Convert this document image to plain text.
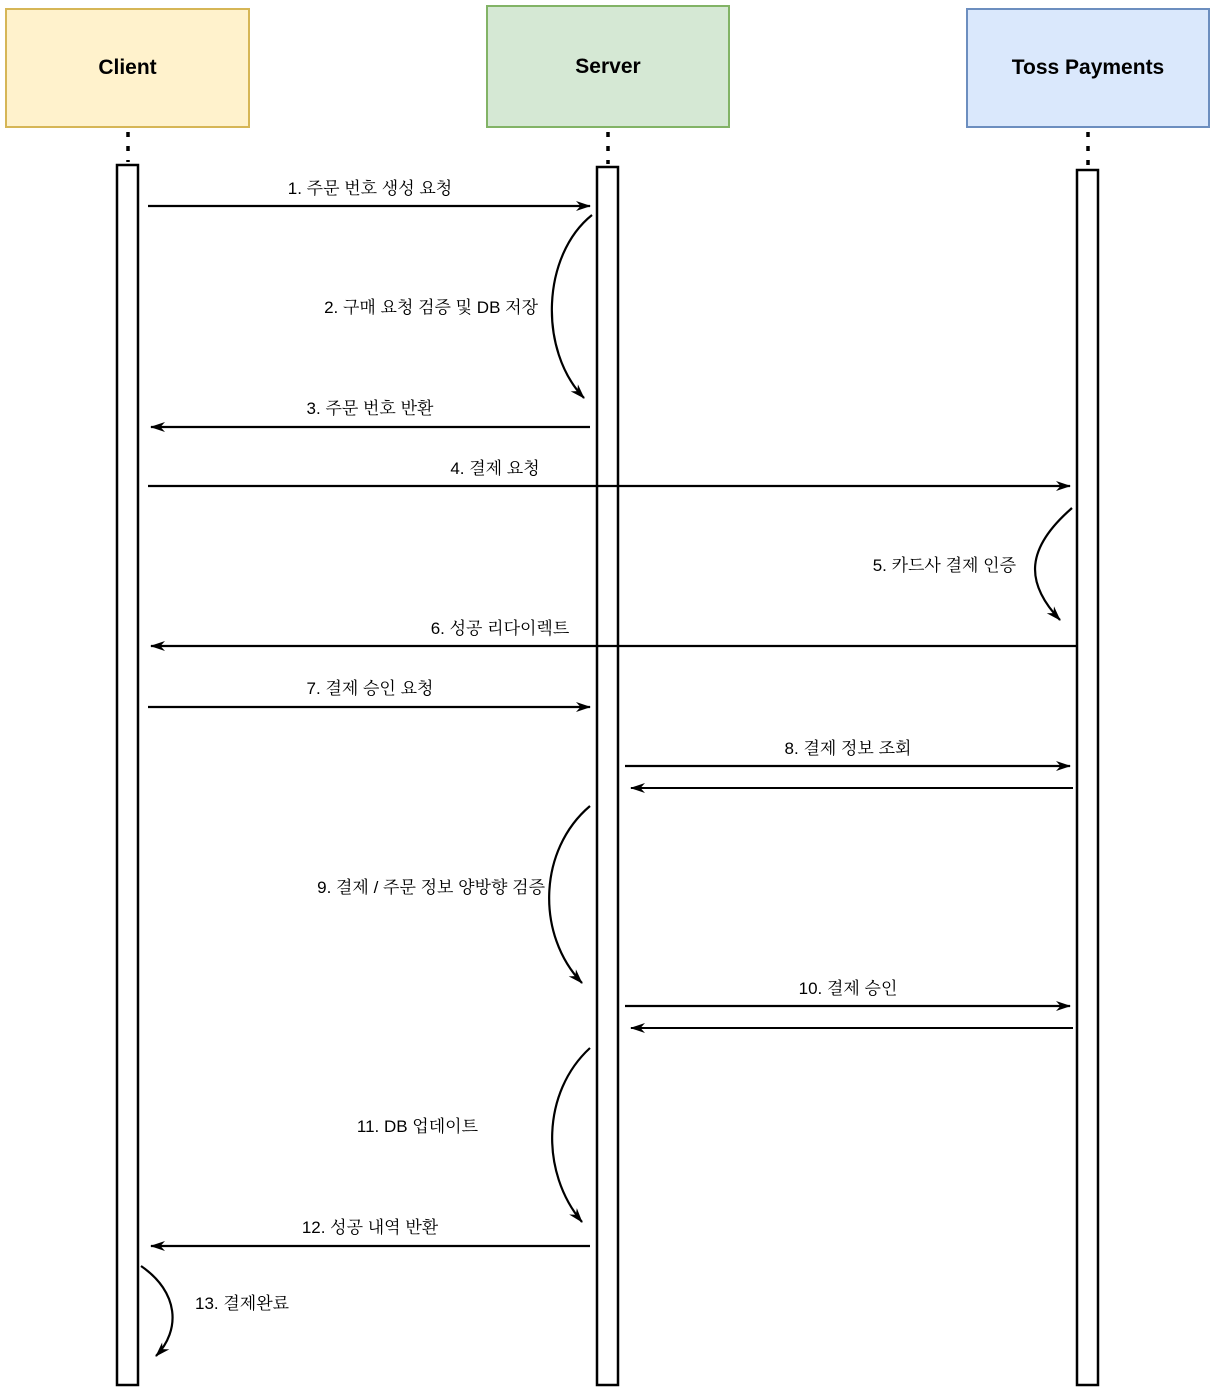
Client	Server	Toss Payments
1. 주문 번호 생성 요청
2. 구매 요청 검증 및 DB 저장
3. 주문 번호 반환
4. 결제 요청
5. 카드사 결제 인증
6. 성공 리다이렉트
7. 결제 승인 요청
8. 결제 정보 조회
9. 결제 / 주문 정보 양방향 검증
10. 결제 승인
11. DB 업데이트
12. 성공 내역 반환
13. 결제완료
